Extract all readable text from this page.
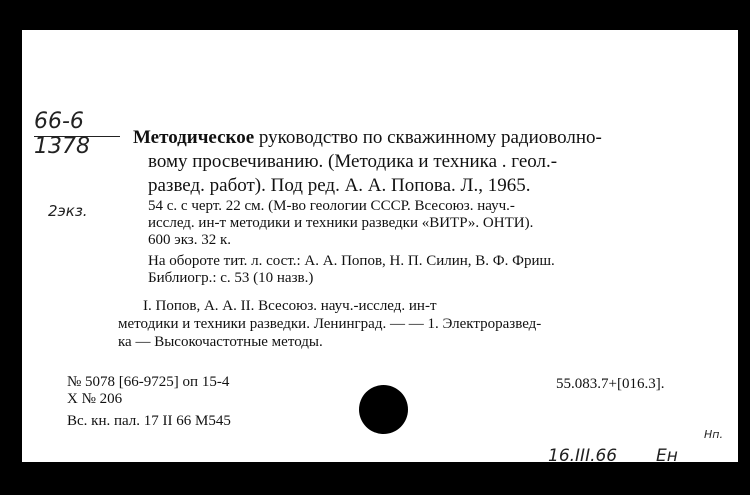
66-6
1378
2экз.
Методическое руководство по скважинному радиоволно-
вому просвечиванию. (Методика и техника . геол.-
развед. работ). Под ред. А. А. Попова. Л., 1965.
54 с. с черт. 22 см. (М-во геологии СССР. Всесоюз. науч.-
исслед. ин-т методики и техники разведки «ВИТР». ОНТИ).
600 экз. 32 к.
На обороте тит. л. сост.: А. А. Попов, Н. П. Силин, В. Ф. Фриш.
Библиогр.: с. 53 (10 назв.)
I. Попов, А. А. II. Всесоюз. науч.-исслед. ин-т
методики и техники разведки. Ленинград. — — 1. Электроразвед-
ка — Высокочастотные методы.
№ 5078 [66-9725] оп 15-4
Х № 206
Вс. кн. пал. 17 II 66 М545
55.083.7+[016.3].
16.III.66 Ен
Нп.
